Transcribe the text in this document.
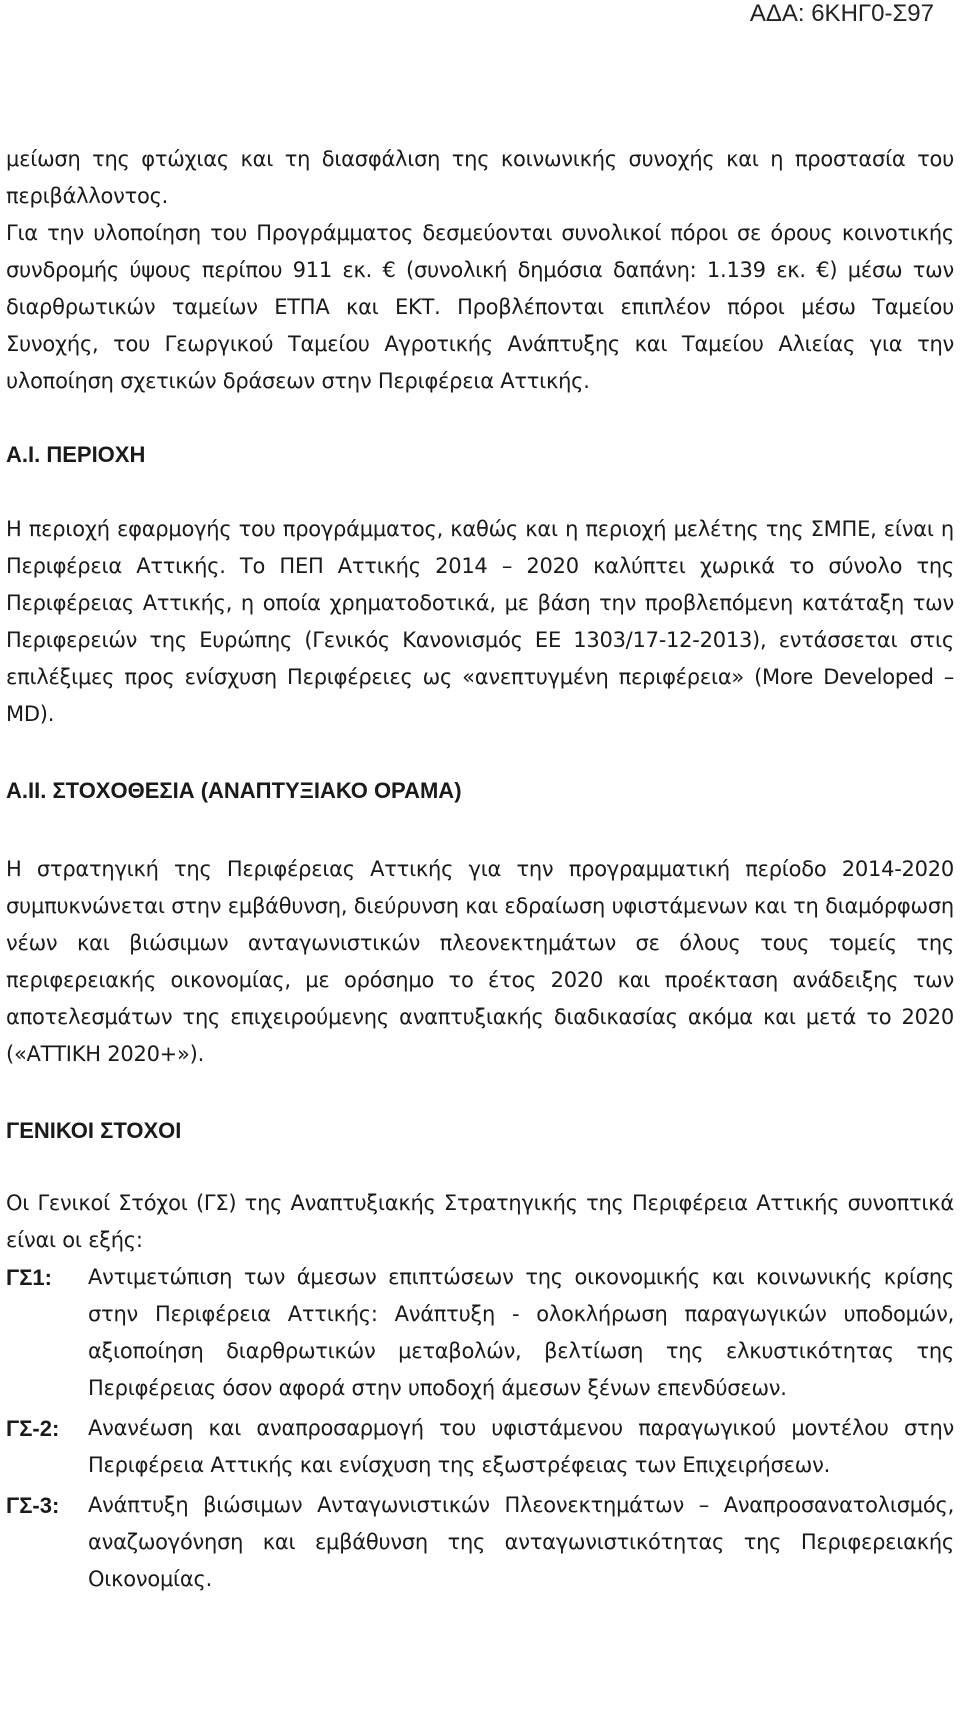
ΑΔΑ: 6ΚΗΓ0-Σ97

μείωση της φτώχιας και τη διασφάλιση της κοινωνικής συνοχής και η προστασία του περιβάλλοντος.

Για την υλοποίηση του Προγράμματος δεσμεύονται συνολικοί πόροι σε όρους κοινοτικής συνδρομής ύψους περίπου 911 εκ. € (συνολική δημόσια δαπάνη: 1.139 εκ. €) μέσω των διαρθρωτικών ταμείων ΕΤΠΑ και ΕΚΤ. Προβλέπονται επιπλέον πόροι μέσω Ταμείου Συνοχής, του Γεωργικού Ταμείου Αγροτικής Ανάπτυξης και Ταμείου Αλιείας για την υλοποίηση σχετικών δράσεων στην Περιφέρεια Αττικής.

Α.Ι. ΠΕΡΙΟΧΗ

Η περιοχή εφαρμογής του προγράμματος, καθώς και η περιοχή μελέτης της ΣΜΠΕ, είναι η Περιφέρεια Αττικής. Το ΠΕΠ Αττικής 2014 – 2020 καλύπτει χωρικά το σύνολο της Περιφέρειας Αττικής, η οποία χρηματοδοτικά, με βάση την προβλεπόμενη κατάταξη των Περιφερειών της Ευρώπης (Γενικός Κανονισμός ΕΕ 1303/17-12-2013), εντάσσεται στις επιλέξιμες προς ενίσχυση Περιφέρειες ως «ανεπτυγμένη περιφέρεια» (More Developed – MD).

Α.ΙΙ. ΣΤΟΧΟΘΕΣΙΑ (ΑΝΑΠΤΥΞΙΑΚΟ ΟΡΑΜΑ)

Η στρατηγική της Περιφέρειας Αττικής για την προγραμματική περίοδο 2014-2020 συμπυκνώνεται στην εμβάθυνση, διεύρυνση και εδραίωση υφιστάμενων και τη διαμόρφωση νέων και βιώσιμων ανταγωνιστικών πλεονεκτημάτων σε όλους τους τομείς της περιφερειακής οικονομίας, με ορόσημο το έτος 2020 και προέκταση ανάδειξης των αποτελεσμάτων της επιχειρούμενης αναπτυξιακής διαδικασίας ακόμα και μετά το 2020 («ΑΤΤΙΚΗ 2020+»).

ΓΕΝΙΚΟΙ ΣΤΟΧΟΙ

Οι Γενικοί Στόχοι (ΓΣ) της Αναπτυξιακής Στρατηγικής της Περιφέρεια Αττικής συνοπτικά είναι οι εξής:

ΓΣ1:	Αντιμετώπιση των άμεσων επιπτώσεων της οικονομικής και κοινωνικής κρίσης στην Περιφέρεια Αττικής: Ανάπτυξη - ολοκλήρωση παραγωγικών υποδομών, αξιοποίηση διαρθρωτικών μεταβολών, βελτίωση της ελκυστικότητας της Περιφέρειας όσον αφορά στην υποδοχή άμεσων ξένων επενδύσεων.

ΓΣ-2:	Ανανέωση και αναπροσαρμογή του υφιστάμενου παραγωγικού μοντέλου στην Περιφέρεια Αττικής και ενίσχυση της εξωστρέφειας των Επιχειρήσεων.

ΓΣ-3:	Ανάπτυξη βιώσιμων Ανταγωνιστικών Πλεονεκτημάτων – Αναπροσανατολισμός, αναζωογόνηση και εμβάθυνση της ανταγωνιστικότητας της Περιφερειακής Οικονομίας.
